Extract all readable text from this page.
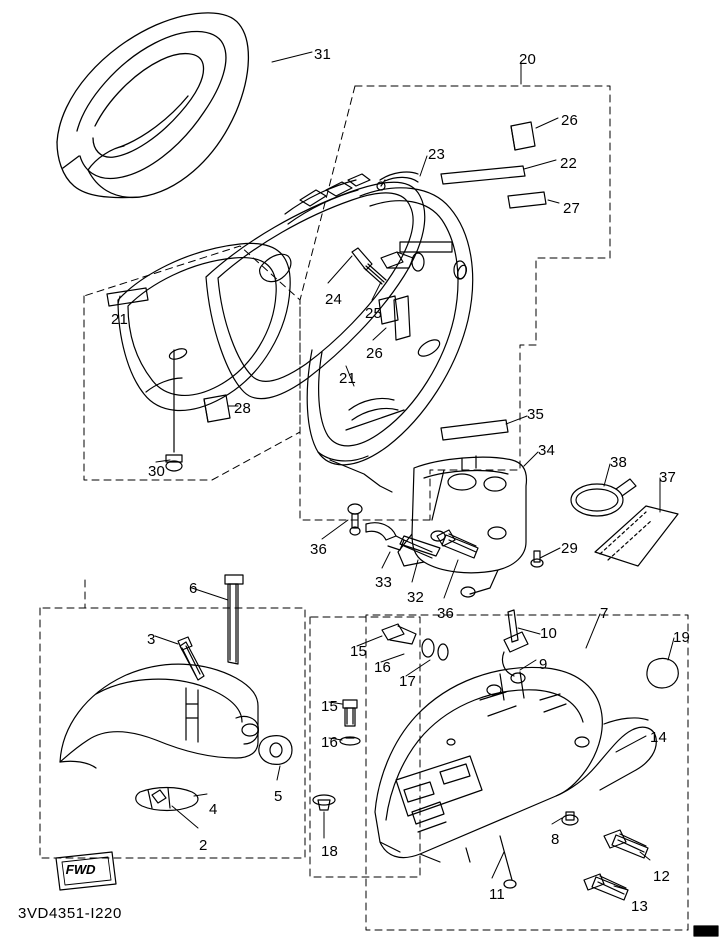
3VD4351-I220
FWD
31	20
26
23
22
27
24
25
21
26
21
28	35
34
30
38
37
36	29
33
32
36
6
7
3	10
15
19
16	9
17
15
14
16
5
4
8
18
2
12
11
13
